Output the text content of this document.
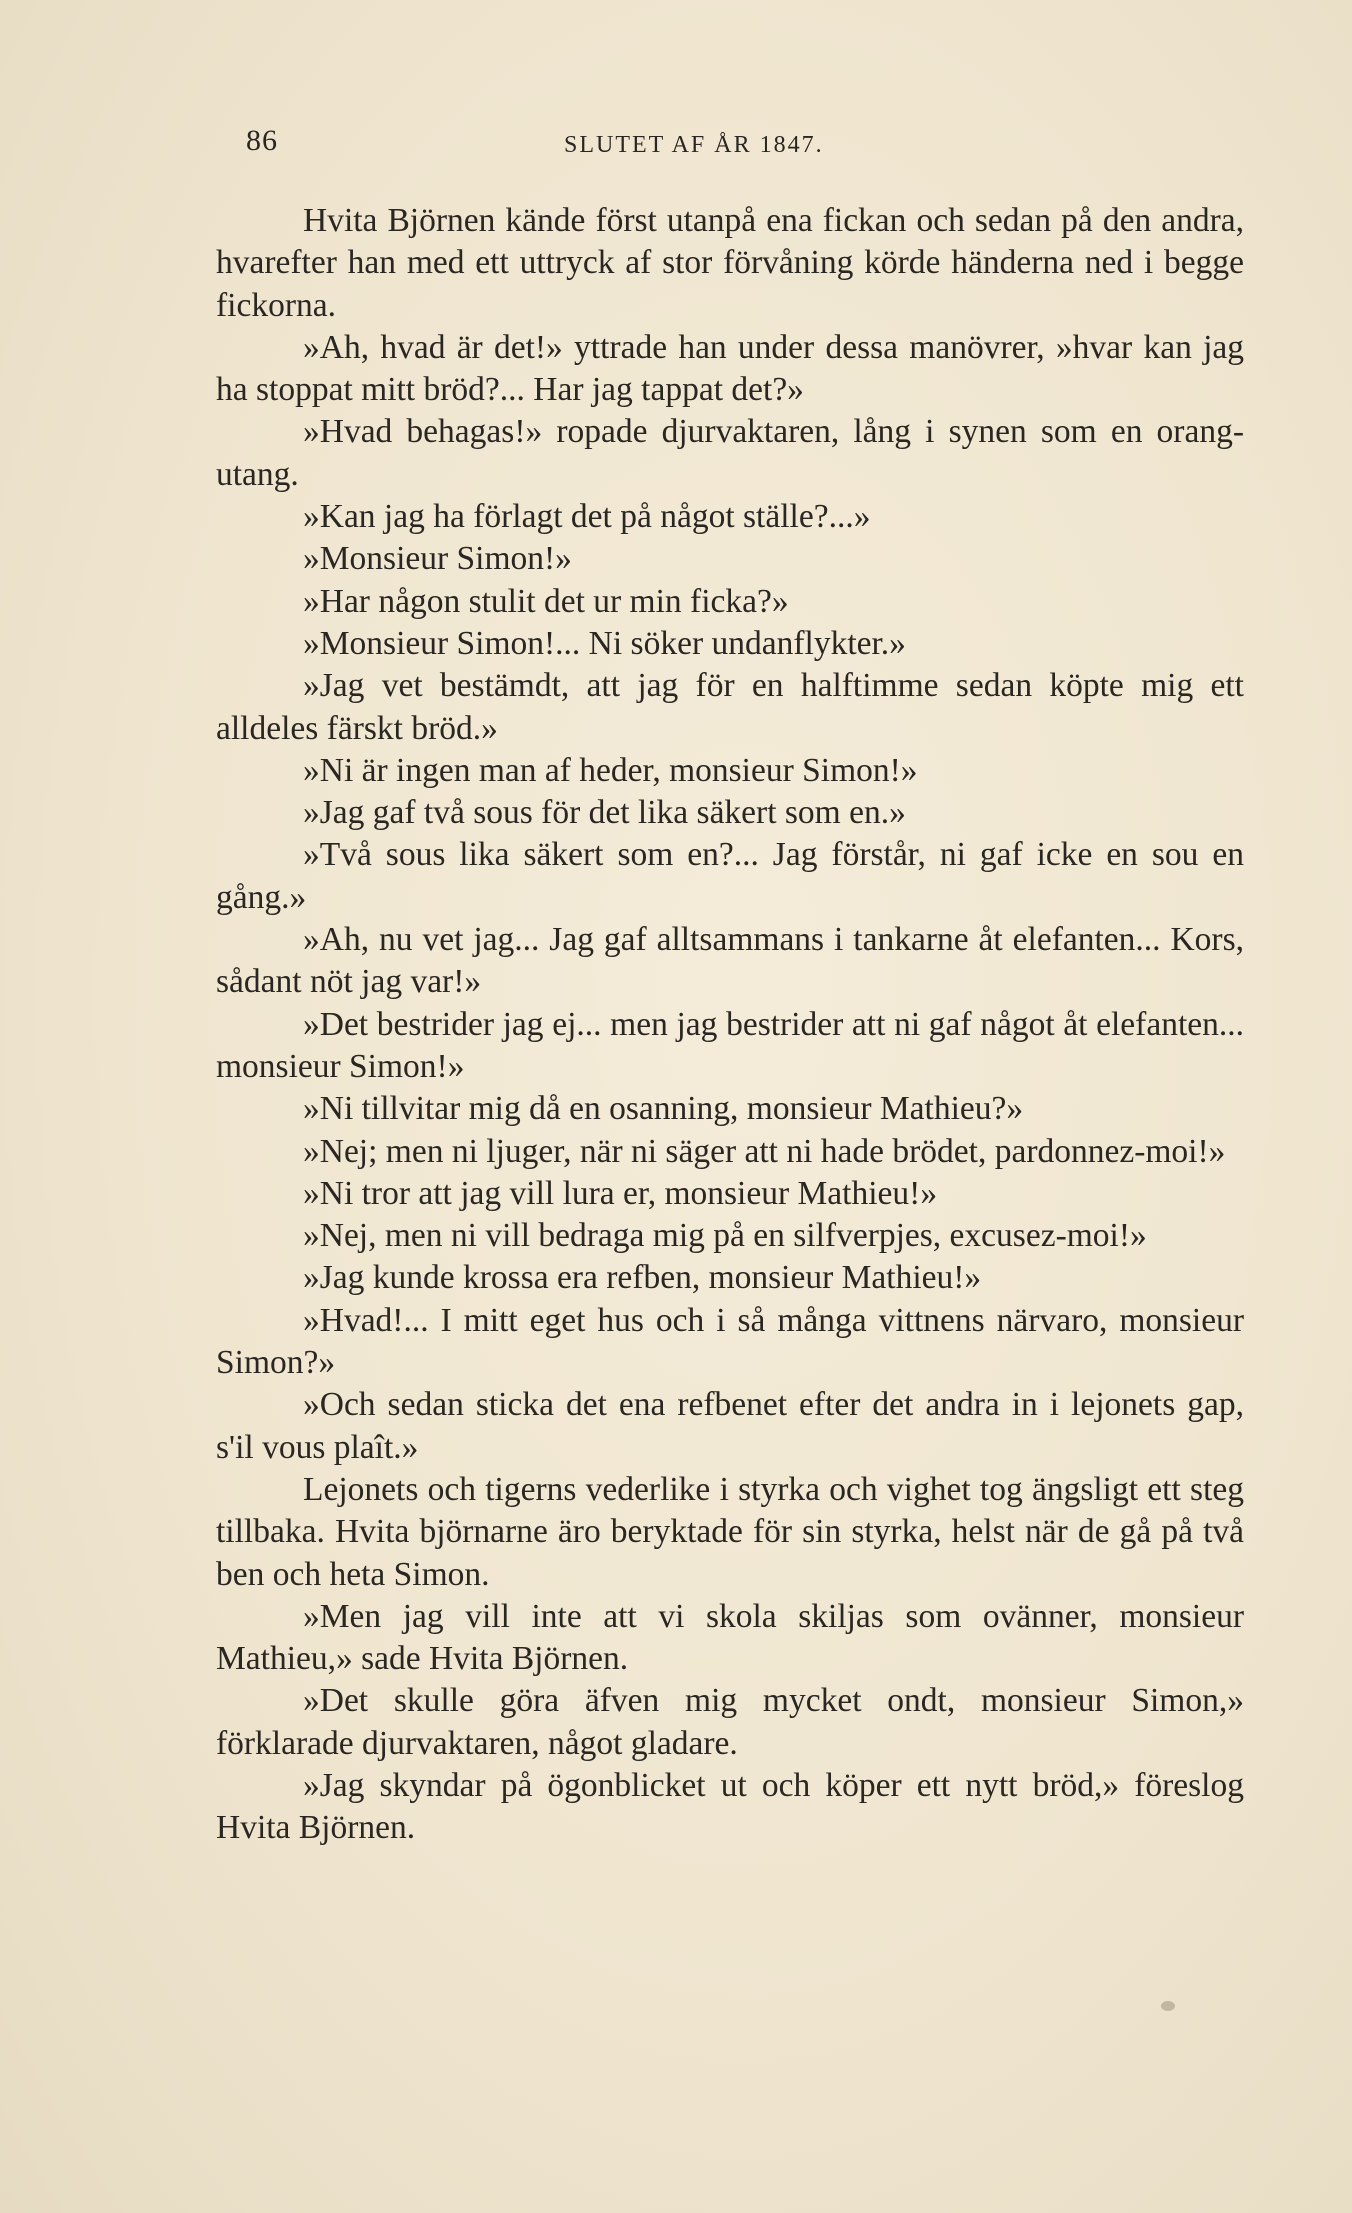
86	SLUTET AF ÅR 1847.

Hvita Björnen kände först utanpå ena fickan och sedan på den andra, hvarefter han med ett uttryck af stor förvåning körde händerna ned i begge fickorna.

»Ah, hvad är det!» yttrade han under dessa manövrer, »hvar kan jag ha stoppat mitt bröd?... Har jag tappat det?»

»Hvad behagas!» ropade djurvaktaren, lång i synen som en orang-utang.

»Kan jag ha förlagt det på något ställe?...»

»Monsieur Simon!»

»Har någon stulit det ur min ficka?»

»Monsieur Simon!... Ni söker undanflykter.»

»Jag vet bestämdt, att jag för en halftimme sedan köpte mig ett alldeles färskt bröd.»

»Ni är ingen man af heder, monsieur Simon!»

»Jag gaf två sous för det lika säkert som en.»

»Två sous lika säkert som en?... Jag förstår, ni gaf icke en sou en gång.»

»Ah, nu vet jag... Jag gaf alltsammans i tankarne åt elefanten... Kors, sådant nöt jag var!»

»Det bestrider jag ej... men jag bestrider att ni gaf något åt elefanten... monsieur Simon!»

»Ni tillvitar mig då en osanning, monsieur Mathieu?»

»Nej; men ni ljuger, när ni säger att ni hade brödet, pardonnez-moi!»

»Ni tror att jag vill lura er, monsieur Mathieu!»

»Nej, men ni vill bedraga mig på en silfverpjes, excusez-moi!»

»Jag kunde krossa era refben, monsieur Mathieu!»

»Hvad!... I mitt eget hus och i så många vittnens närvaro, monsieur Simon?»

»Och sedan sticka det ena refbenet efter det andra in i lejonets gap, s'il vous plaît.»

Lejonets och tigerns vederlike i styrka och vighet tog ängsligt ett steg tillbaka. Hvita björnarne äro beryktade för sin styrka, helst när de gå på två ben och heta Simon.

»Men jag vill inte att vi skola skiljas som ovänner, monsieur Mathieu,» sade Hvita Björnen.

»Det skulle göra äfven mig mycket ondt, monsieur Simon,» förklarade djurvaktaren, något gladare.

»Jag skyndar på ögonblicket ut och köper ett nytt bröd,» föreslog Hvita Björnen.
